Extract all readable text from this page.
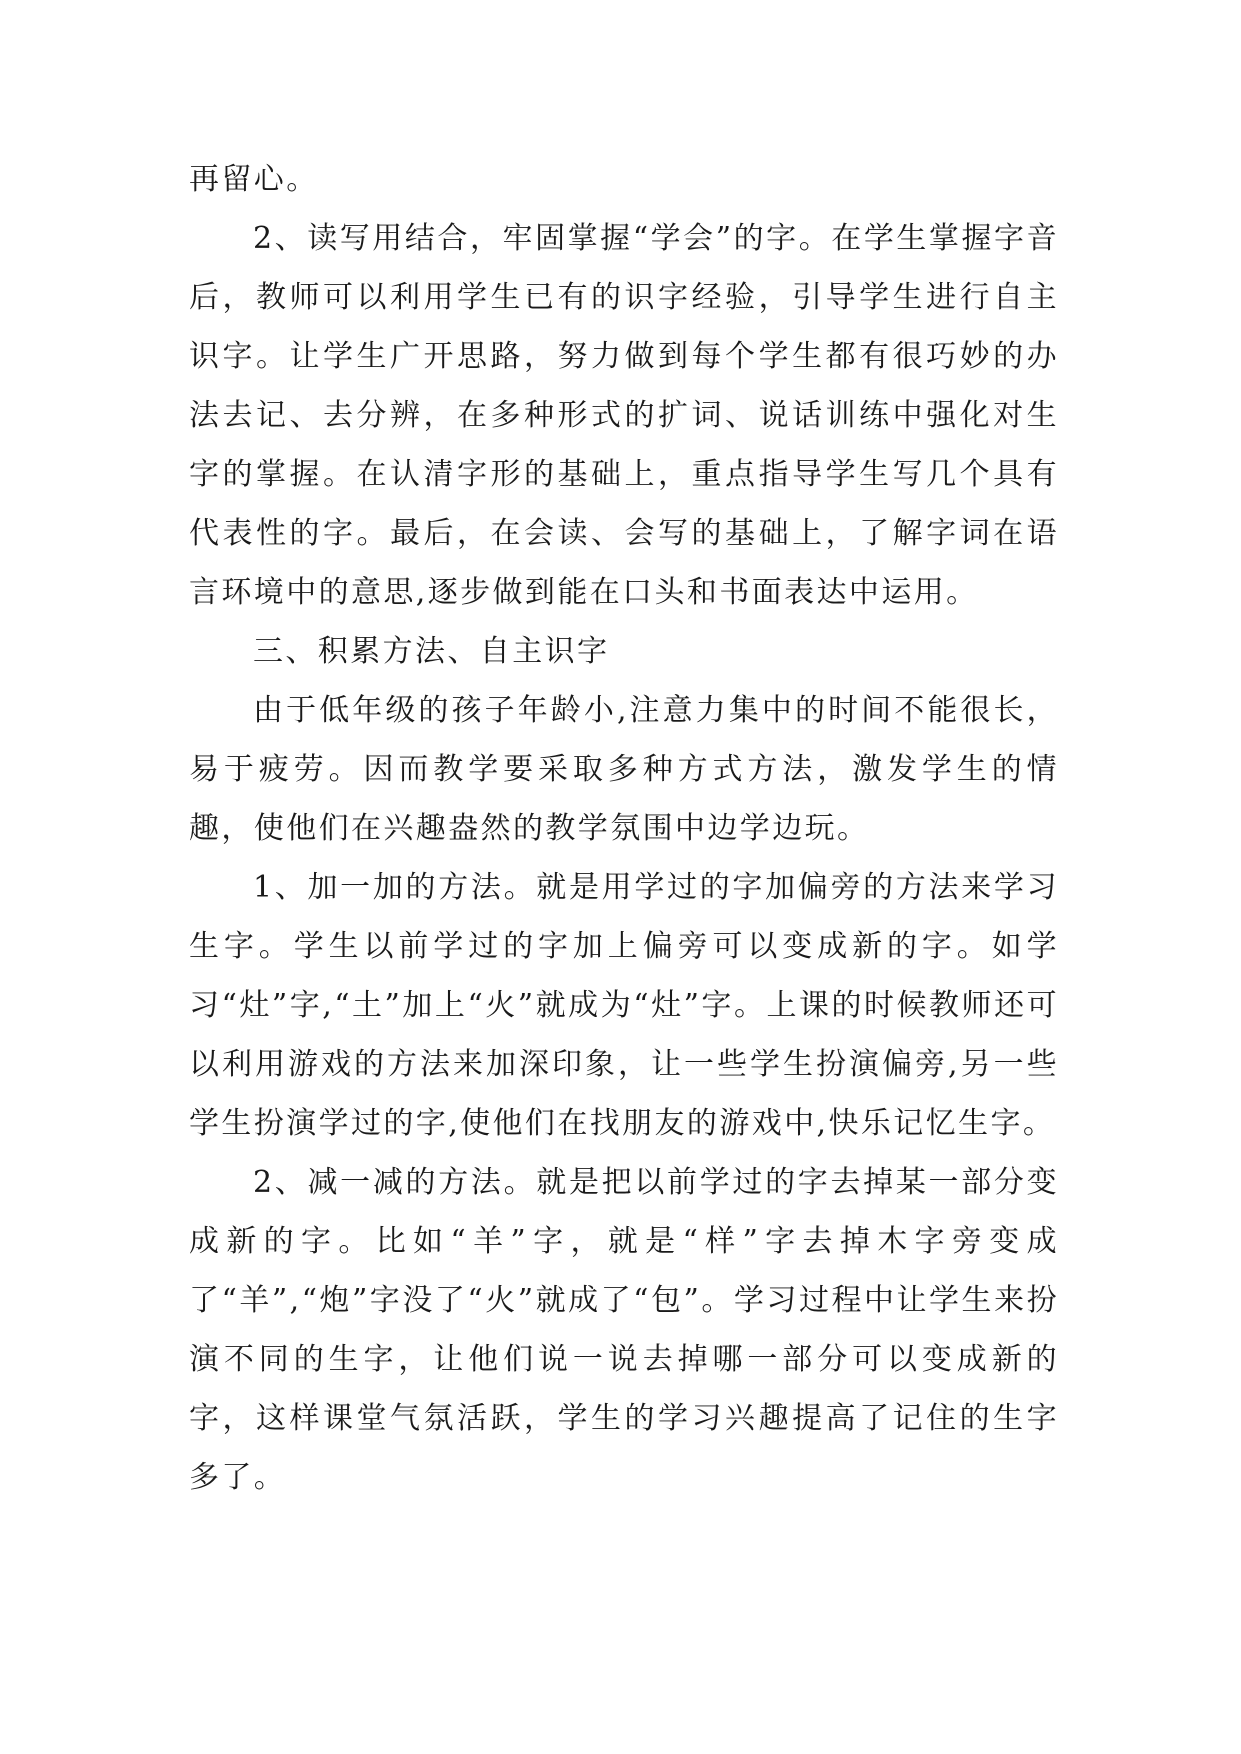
再留心。

2、读写用结合，牢固掌握“学会”的字。在学生掌握字音后，教师可以利用学生已有的识字经验，引导学生进行自主识字。让学生广开思路，努力做到每个学生都有很巧妙的办法去记、去分辨，在多种形式的扩词、说话训练中强化对生字的掌握。在认清字形的基础上，重点指导学生写几个具有代表性的字。最后，在会读、会写的基础上，了解字词在语言环境中的意思,逐步做到能在口头和书面表达中运用。

三、积累方法、自主识字

由于低年级的孩子年龄小,注意力集中的时间不能很长，易于疲劳。因而教学要采取多种方式方法，激发学生的情趣，使他们在兴趣盎然的教学氛围中边学边玩。

1、加一加的方法。就是用学过的字加偏旁的方法来学习生字。学生以前学过的字加上偏旁可以变成新的字。如学习“灶”字,“土”加上“火”就成为“灶”字。上课的时候教师还可以利用游戏的方法来加深印象，让一些学生扮演偏旁,另一些学生扮演学过的字,使他们在找朋友的游戏中,快乐记忆生字。

2、减一减的方法。就是把以前学过的字去掉某一部分变成新的字。比如“羊”字，就是“样”字去掉木字旁变成了“羊”,“炮”字没了“火”就成了“包”。学习过程中让学生来扮演不同的生字，让他们说一说去掉哪一部分可以变成新的字，这样课堂气氛活跃，学生的学习兴趣提高了记住的生字多了。
